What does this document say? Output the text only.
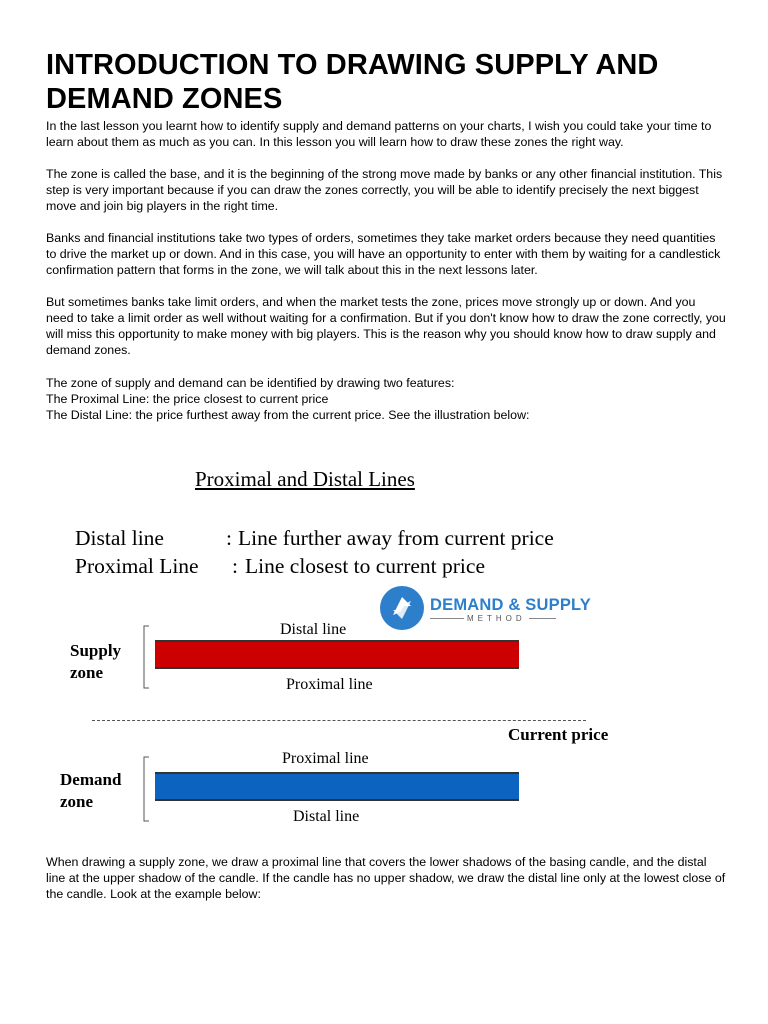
INTRODUCTION TO DRAWING SUPPLY AND DEMAND ZONES

In the last lesson you learnt how to identify supply and demand patterns on your charts, I wish you could take your time to learn about them as much as you can. In this lesson you will learn how to draw these zones the right way.

The zone is called the base, and it is the beginning of the strong move made by banks or any other financial institution. This step is very important because if you can draw the zones correctly, you will be able to identify precisely the next biggest move and join big players in the right time.

Banks and financial institutions take two types of orders, sometimes they take market orders because they need quantities to drive the market up or down. And in this case, you will have an opportunity to enter with them by waiting for a candlestick confirmation pattern that forms in the zone, we will talk about this in the next lessons later.

But sometimes banks take limit orders, and when the market tests the zone, prices move strongly up or down. And you need to take a limit order as well without waiting for a confirmation. But if you don't know how to draw the zone correctly, you will miss this opportunity to make money with big players. This is the reason why you should know how to draw supply and demand zones.

The zone of supply and demand can be identified by drawing two features:

The Proximal Line: the price closest to current price

The Distal Line: the price furthest away from the current price. See the illustration below:

Proximal and Distal Lines
Distal line	: Line further away from current price
Proximal Line : Line closest to current price
DEMAND & SUPPLY
METHOD
Supply
zone
Distal line
Proximal line
Current price
Demand
zone
Proximal line
Distal line

When drawing a supply zone, we draw a proximal line that covers the lower shadows of the basing candle, and the distal line at the upper shadow of the candle. If the candle has no upper shadow, we draw the distal line only at the lowest close of the candle. Look at the example below:
